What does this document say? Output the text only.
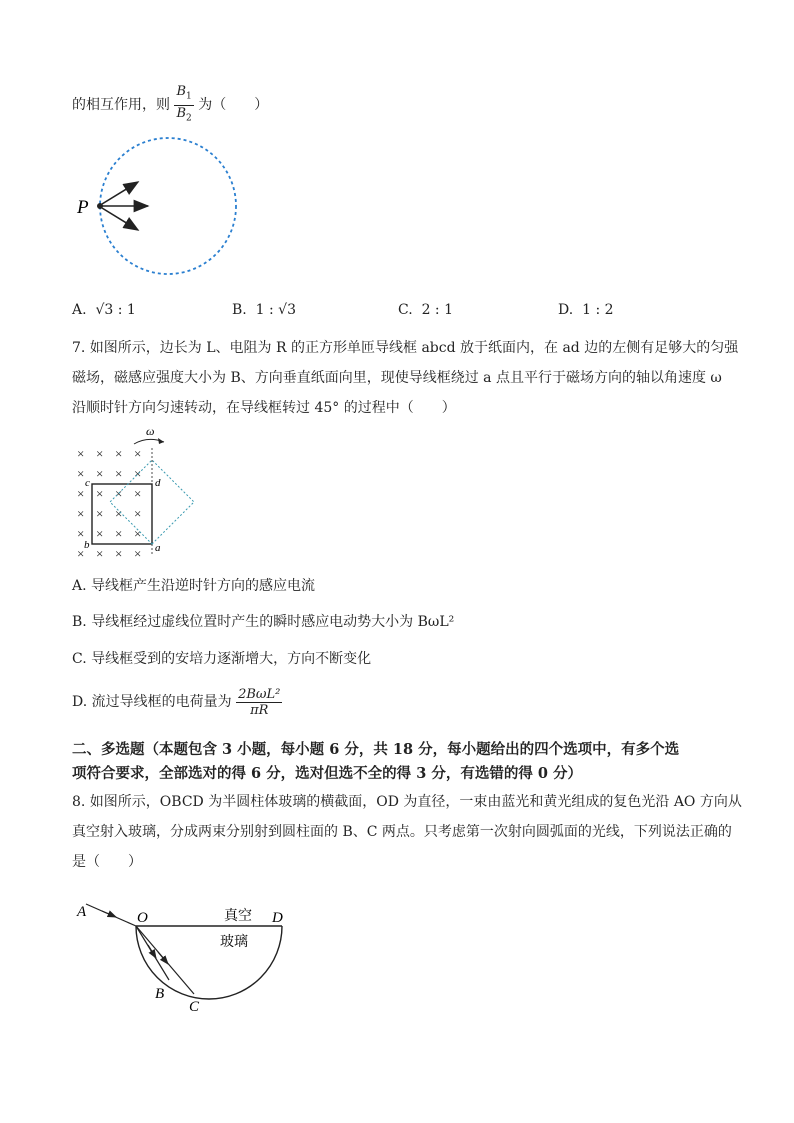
的相互作用，则 $\frac{B_1}{B_2}$ 为（　　）
P
A. √3 : 1	B. 1 : √3	C. 2 : 1	D. 1 : 2
7. 如图所示，边长为 L、电阻为 R 的正方形单匝导线框 abcd 放于纸面内，在 ad 边的左侧有足够大的匀强
磁场，磁感应强度大小为 B、方向垂直纸面向里，现使导线框绕过 a 点且平行于磁场方向的轴以角速度 ω
沿顺时针方向匀速转动，在导线框转过 45° 的过程中（　　）
× × × ×
× × × ×
× × × ×
× × × ×
× × × ×
× × × ×
ω
c	d
b	a
A. 导线框产生沿逆时针方向的感应电流
B. 导线框经过虚线位置时产生的瞬时感应电动势大小为 BωL²
C. 导线框受到的安培力逐渐增大，方向不断变化
D. 流过导线框的电荷量为 $\frac{\text{2BωL²}}{\pi R}$
二、多选题（本题包含 3 小题，每小题 6 分，共 18 分，每小题给出的四个选项中，有多个选
项符合要求，全部选对的得 6 分，选对但选不全的得 3 分，有选错的得 0 分）
8. 如图所示，OBCD 为半圆柱体玻璃的横截面，OD 为直径，一束由蓝光和黄光组成的复色光沿 AO 方向从
真空射入玻璃，分成两束分别射到圆柱面的 B、C 两点。只考虑第一次射向圆弧面的光线，下列说法正确的
是（　　）
A	O	D
B
C
真空
玻璃
